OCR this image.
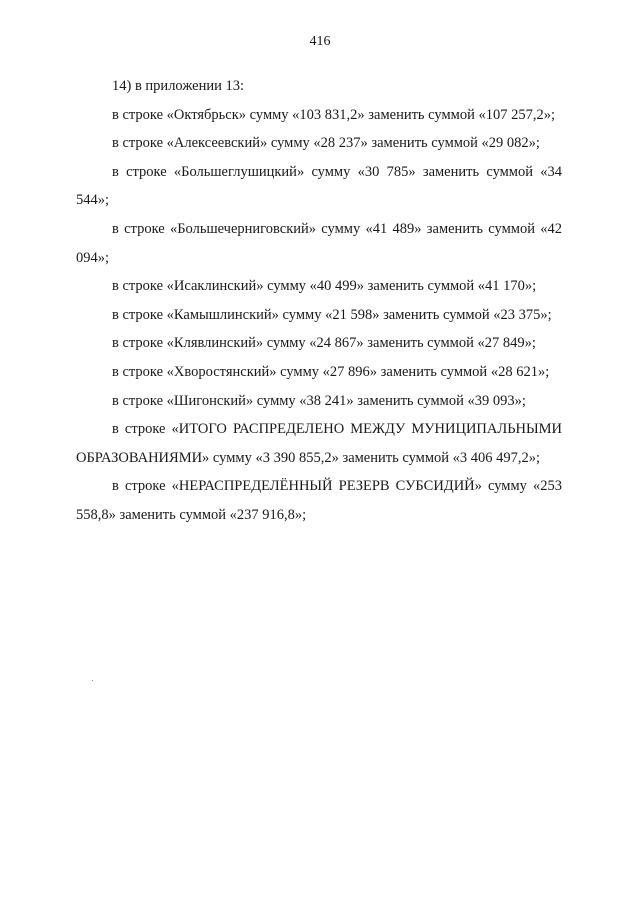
416

14) в приложении 13:

в строке «Октябрьск» сумму «103 831,2» заменить суммой «107 257,2»;

в строке «Алексеевский» сумму «28 237» заменить суммой «29 082»;

в строке «Большеглушицкий» сумму «30 785» заменить суммой «34 544»;

в строке «Большечерниговский» сумму «41 489» заменить суммой «42 094»;

в строке «Исаклинский» сумму «40 499» заменить суммой «41 170»;

в строке «Камышлинский» сумму «21 598» заменить суммой «23 375»;

в строке «Клявлинский» сумму «24 867» заменить суммой «27 849»;

в строке «Хворостянский» сумму «27 896» заменить суммой «28 621»;

в строке «Шигонский» сумму «38 241» заменить суммой «39 093»;

в строке «ИТОГО РАСПРЕДЕЛЕНО МЕЖДУ МУНИЦИПАЛЬНЫМИ ОБРАЗОВАНИЯМИ» сумму «3 390 855,2» заменить суммой «3 406 497,2»;

в строке «НЕРАСПРЕДЕЛЁННЫЙ РЕЗЕРВ СУБСИДИЙ» сумму «253 558,8» заменить суммой «237 916,8»;
